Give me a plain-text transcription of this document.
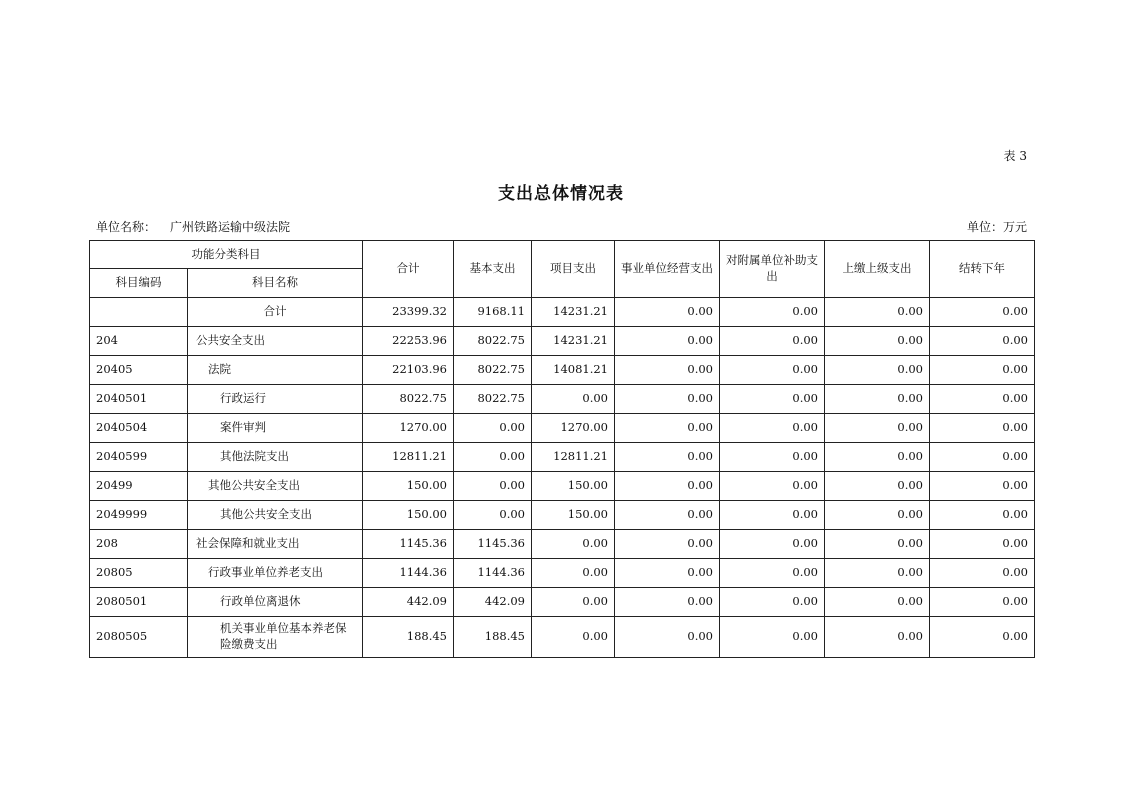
表 3
支出总体情况表
单位名称： 广州铁路运输中级法院	单位：万元
功能分类科目		合计	基本支出	项目支出	事业单位经营支出	对附属单位补助支出	上缴上级支出	结转下年
科目编码	科目名称							
	合计	23399.32	9168.11	14231.21	0.00	0.00	0.00	0.00
204	公共安全支出	22253.96	8022.75	14231.21	0.00	0.00	0.00	0.00
20405	法院	22103.96	8022.75	14081.21	0.00	0.00	0.00	0.00
2040501	行政运行	8022.75	8022.75	0.00	0.00	0.00	0.00	0.00
2040504	案件审判	1270.00	0.00	1270.00	0.00	0.00	0.00	0.00
2040599	其他法院支出	12811.21	0.00	12811.21	0.00	0.00	0.00	0.00
20499	其他公共安全支出	150.00	0.00	150.00	0.00	0.00	0.00	0.00
2049999	其他公共安全支出	150.00	0.00	150.00	0.00	0.00	0.00	0.00
208	社会保障和就业支出	1145.36	1145.36	0.00	0.00	0.00	0.00	0.00
20805	行政事业单位养老支出	1144.36	1144.36	0.00	0.00	0.00	0.00	0.00
2080501	行政单位离退休	442.09	442.09	0.00	0.00	0.00	0.00	0.00
2080505	机关事业单位基本养老保险缴费支出	188.45	188.45	0.00	0.00	0.00	0.00	0.00
